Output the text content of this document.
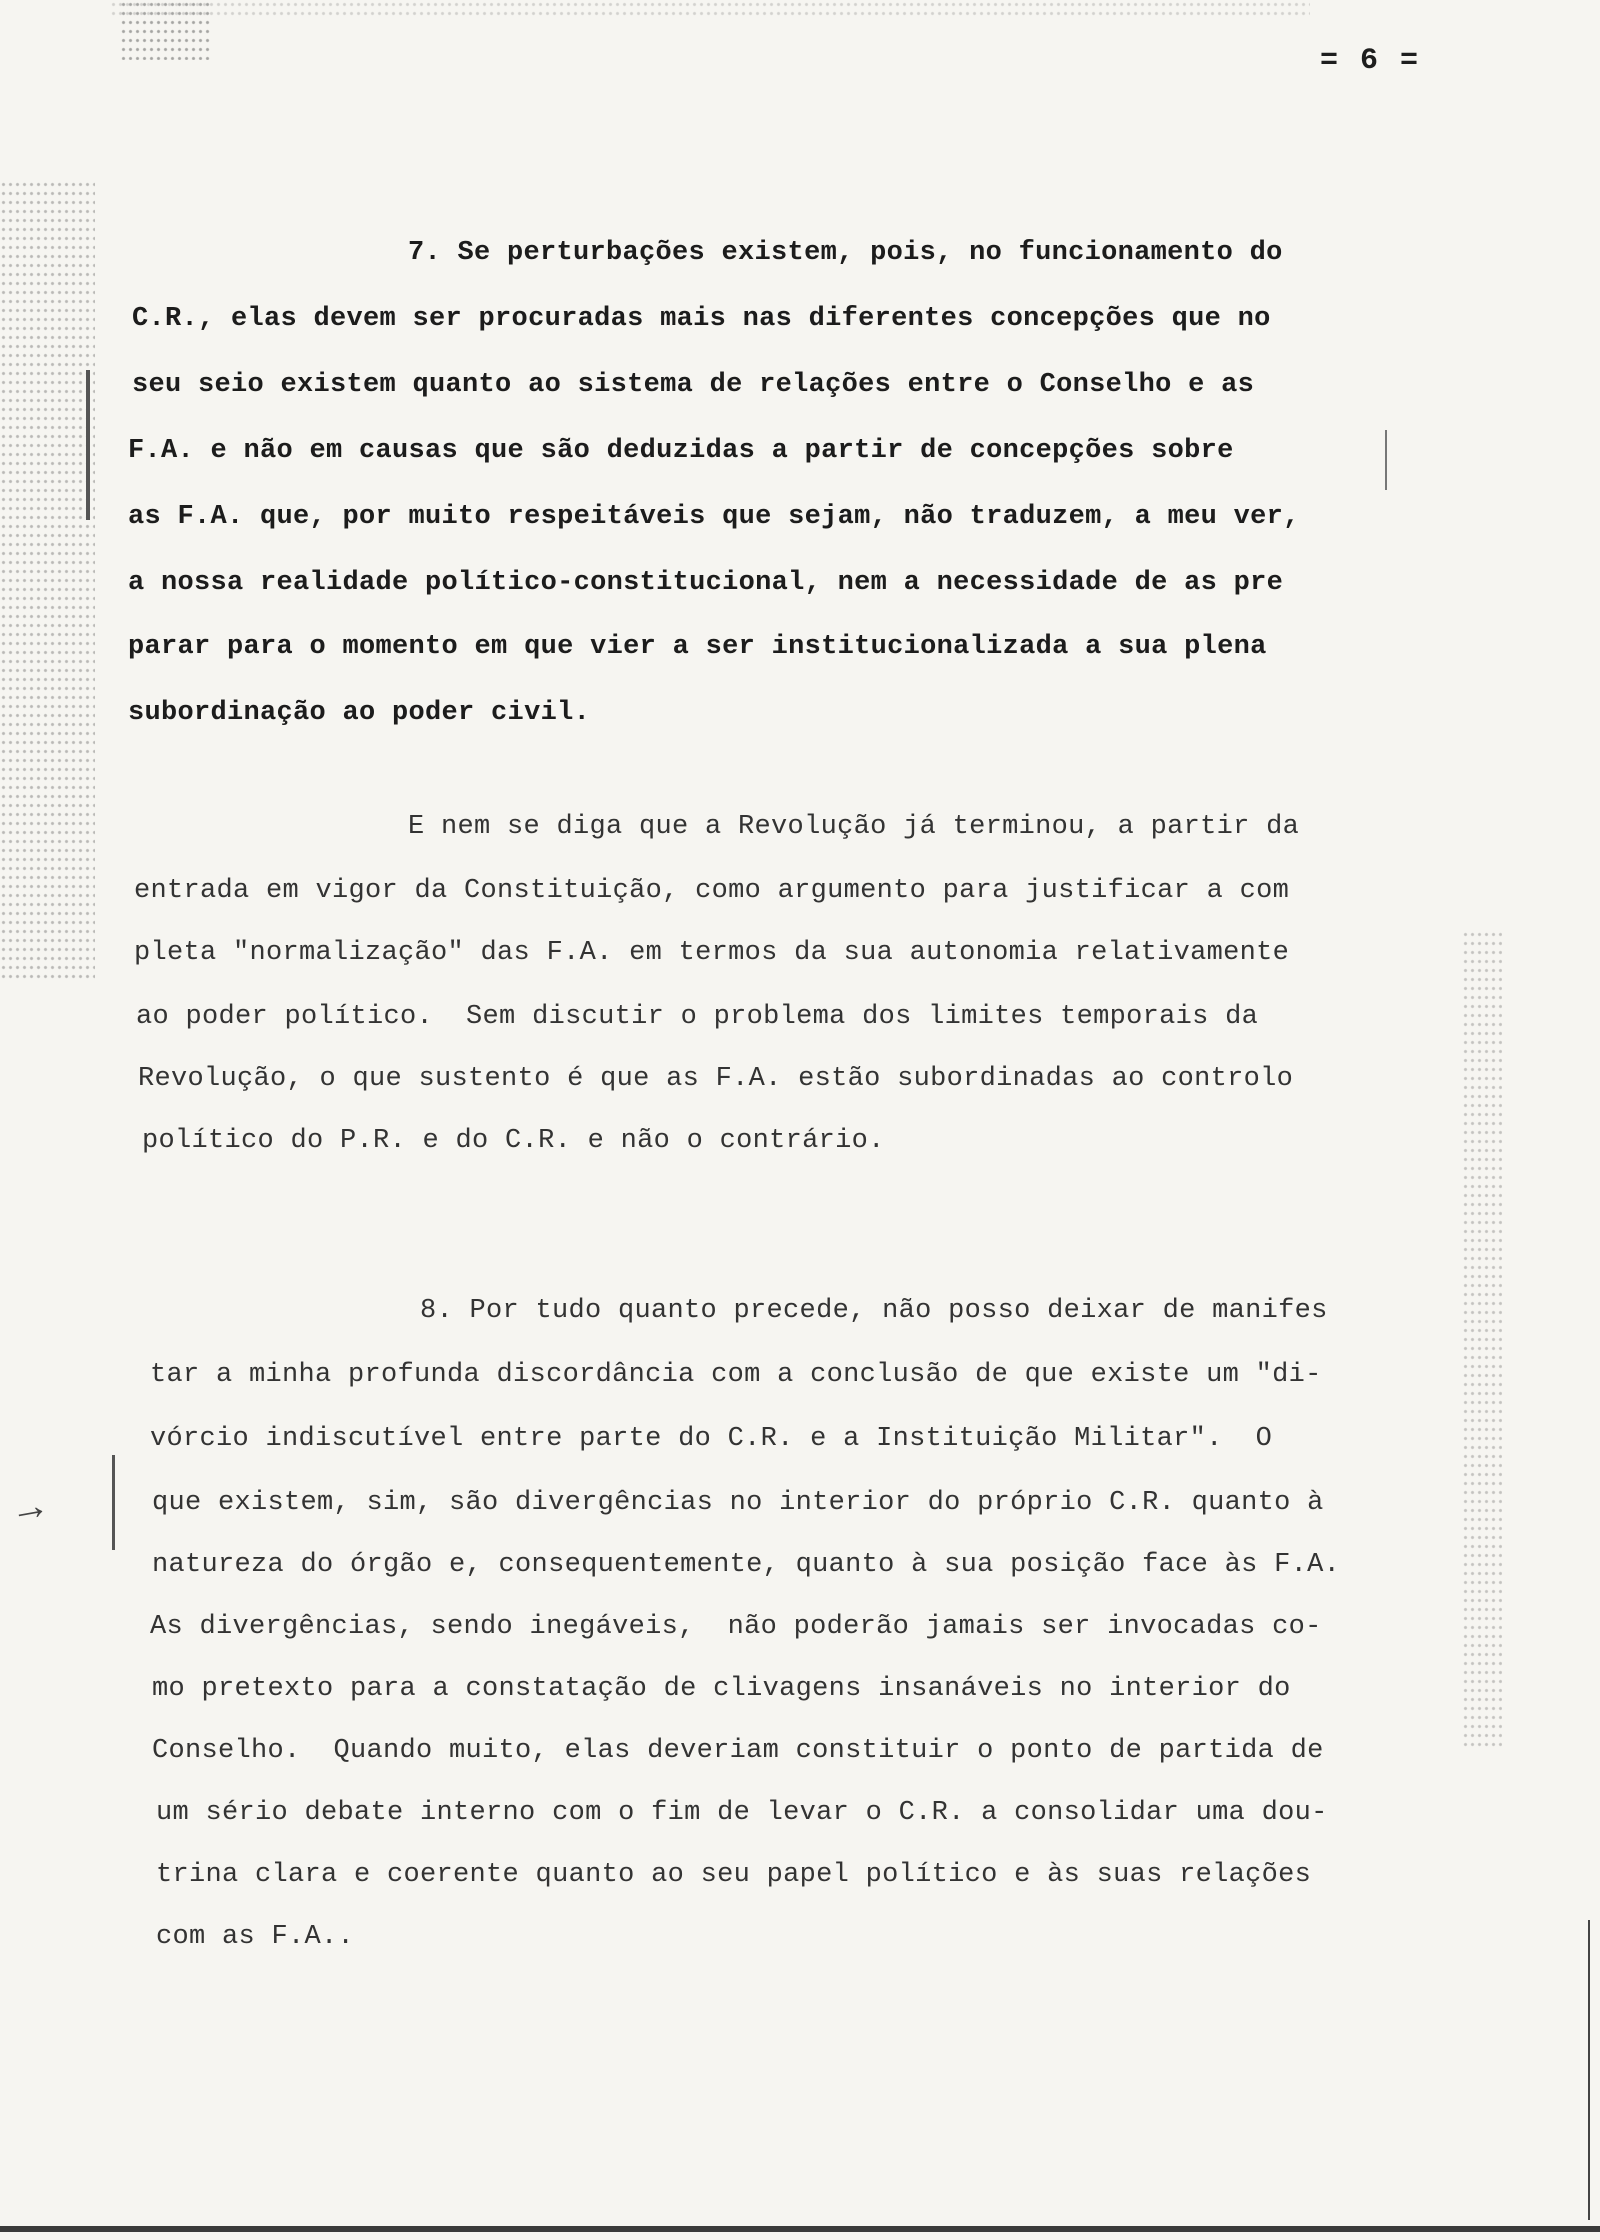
→
= 6 =
7. Se perturbações existem, pois, no funcionamento do
C.R., elas devem ser procuradas mais nas diferentes concepções que no
seu seio existem quanto ao sistema de relações entre o Conselho e as
F.A. e não em causas que são deduzidas a partir de concepções sobre
as F.A. que, por muito respeitáveis que sejam, não traduzem, a meu ver,
a nossa realidade político-constitucional, nem a necessidade de as pre
parar para o momento em que vier a ser institucionalizada a sua plena
subordinação ao poder civil.
E nem se diga que a Revolução já terminou, a partir da
entrada em vigor da Constituição, como argumento para justificar a com
pleta "normalização" das F.A. em termos da sua autonomia relativamente
ao poder político.  Sem discutir o problema dos limites temporais da
Revolução, o que sustento é que as F.A. estão subordinadas ao controlo
político do P.R. e do C.R. e não o contrário.
8. Por tudo quanto precede, não posso deixar de manifes
tar a minha profunda discordância com a conclusão de que existe um "di-
vórcio indiscutível entre parte do C.R. e a Instituição Militar".  O
que existem, sim, são divergências no interior do próprio C.R. quanto à
natureza do órgão e, consequentemente, quanto à sua posição face às F.A.
As divergências, sendo inegáveis,  não poderão jamais ser invocadas co-
mo pretexto para a constatação de clivagens insanáveis no interior do
Conselho.  Quando muito, elas deveriam constituir o ponto de partida de
um sério debate interno com o fim de levar o C.R. a consolidar uma dou-
trina clara e coerente quanto ao seu papel político e às suas relações
com as F.A..
